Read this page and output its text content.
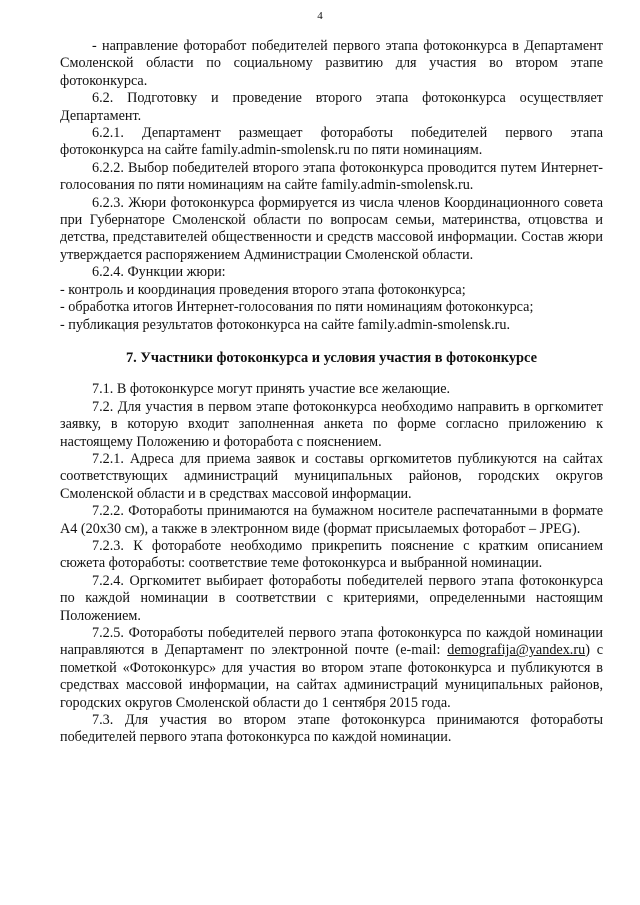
4

- направление фоторабот победителей первого этапа фотоконкурса в Департамент Смоленской области по социальному развитию для участия во втором этапе фотоконкурса.

6.2. Подготовку и проведение второго этапа фотоконкурса осуществляет Департамент.

6.2.1. Департамент размещает фотоработы победителей первого этапа фотоконкурса на сайте family.admin-smolensk.ru по пяти номинациям.

6.2.2. Выбор победителей второго этапа фотоконкурса проводится путем Интернет-голосования по пяти номинациям на сайте family.admin-smolensk.ru.

6.2.3. Жюри фотоконкурса формируется из числа членов Координационного совета при Губернаторе Смоленской области по вопросам семьи, материнства, отцовства и детства, представителей общественности и средств массовой информации. Состав жюри утверждается распоряжением Администрации Смоленской области.

6.2.4. Функции жюри:

- контроль и координация проведения второго этапа фотоконкурса;

- обработка итогов Интернет-голосования по пяти номинациям фотоконкурса;

- публикация результатов фотоконкурса на сайте family.admin-smolensk.ru.

7. Участники фотоконкурса и условия участия в фотоконкурсе

7.1. В фотоконкурсе могут принять участие все желающие.

7.2. Для участия в первом этапе фотоконкурса необходимо направить в оргкомитет заявку, в которую входит заполненная анкета по форме согласно приложению к настоящему Положению и фоторабота с пояснением.

7.2.1. Адреса для приема заявок и составы оргкомитетов публикуются на сайтах соответствующих администраций муниципальных районов, городских округов Смоленской области и в средствах массовой информации.

7.2.2. Фотоработы принимаются на бумажном носителе распечатанными в формате А4 (20х30 см), а также в электронном виде (формат присылаемых фоторабот – JPEG).

7.2.3. К фотоработе необходимо прикрепить пояснение с кратким описанием сюжета фотоработы: соответствие теме фотоконкурса и выбранной номинации.

7.2.4. Оргкомитет выбирает фотоработы победителей первого этапа фотоконкурса по каждой номинации в соответствии с критериями, определенными настоящим Положением.

7.2.5. Фотоработы победителей первого этапа фотоконкурса по каждой номинации направляются в Департамент по электронной почте (e-mail: demografija@yandex.ru) с пометкой «Фотоконкурс» для участия во втором этапе фотоконкурса и публикуются в средствах массовой информации, на сайтах администраций муниципальных районов, городских округов Смоленской области до 1 сентября 2015 года.

7.3. Для участия во втором этапе фотоконкурса принимаются фотоработы победителей первого этапа фотоконкурса по каждой номинации.
